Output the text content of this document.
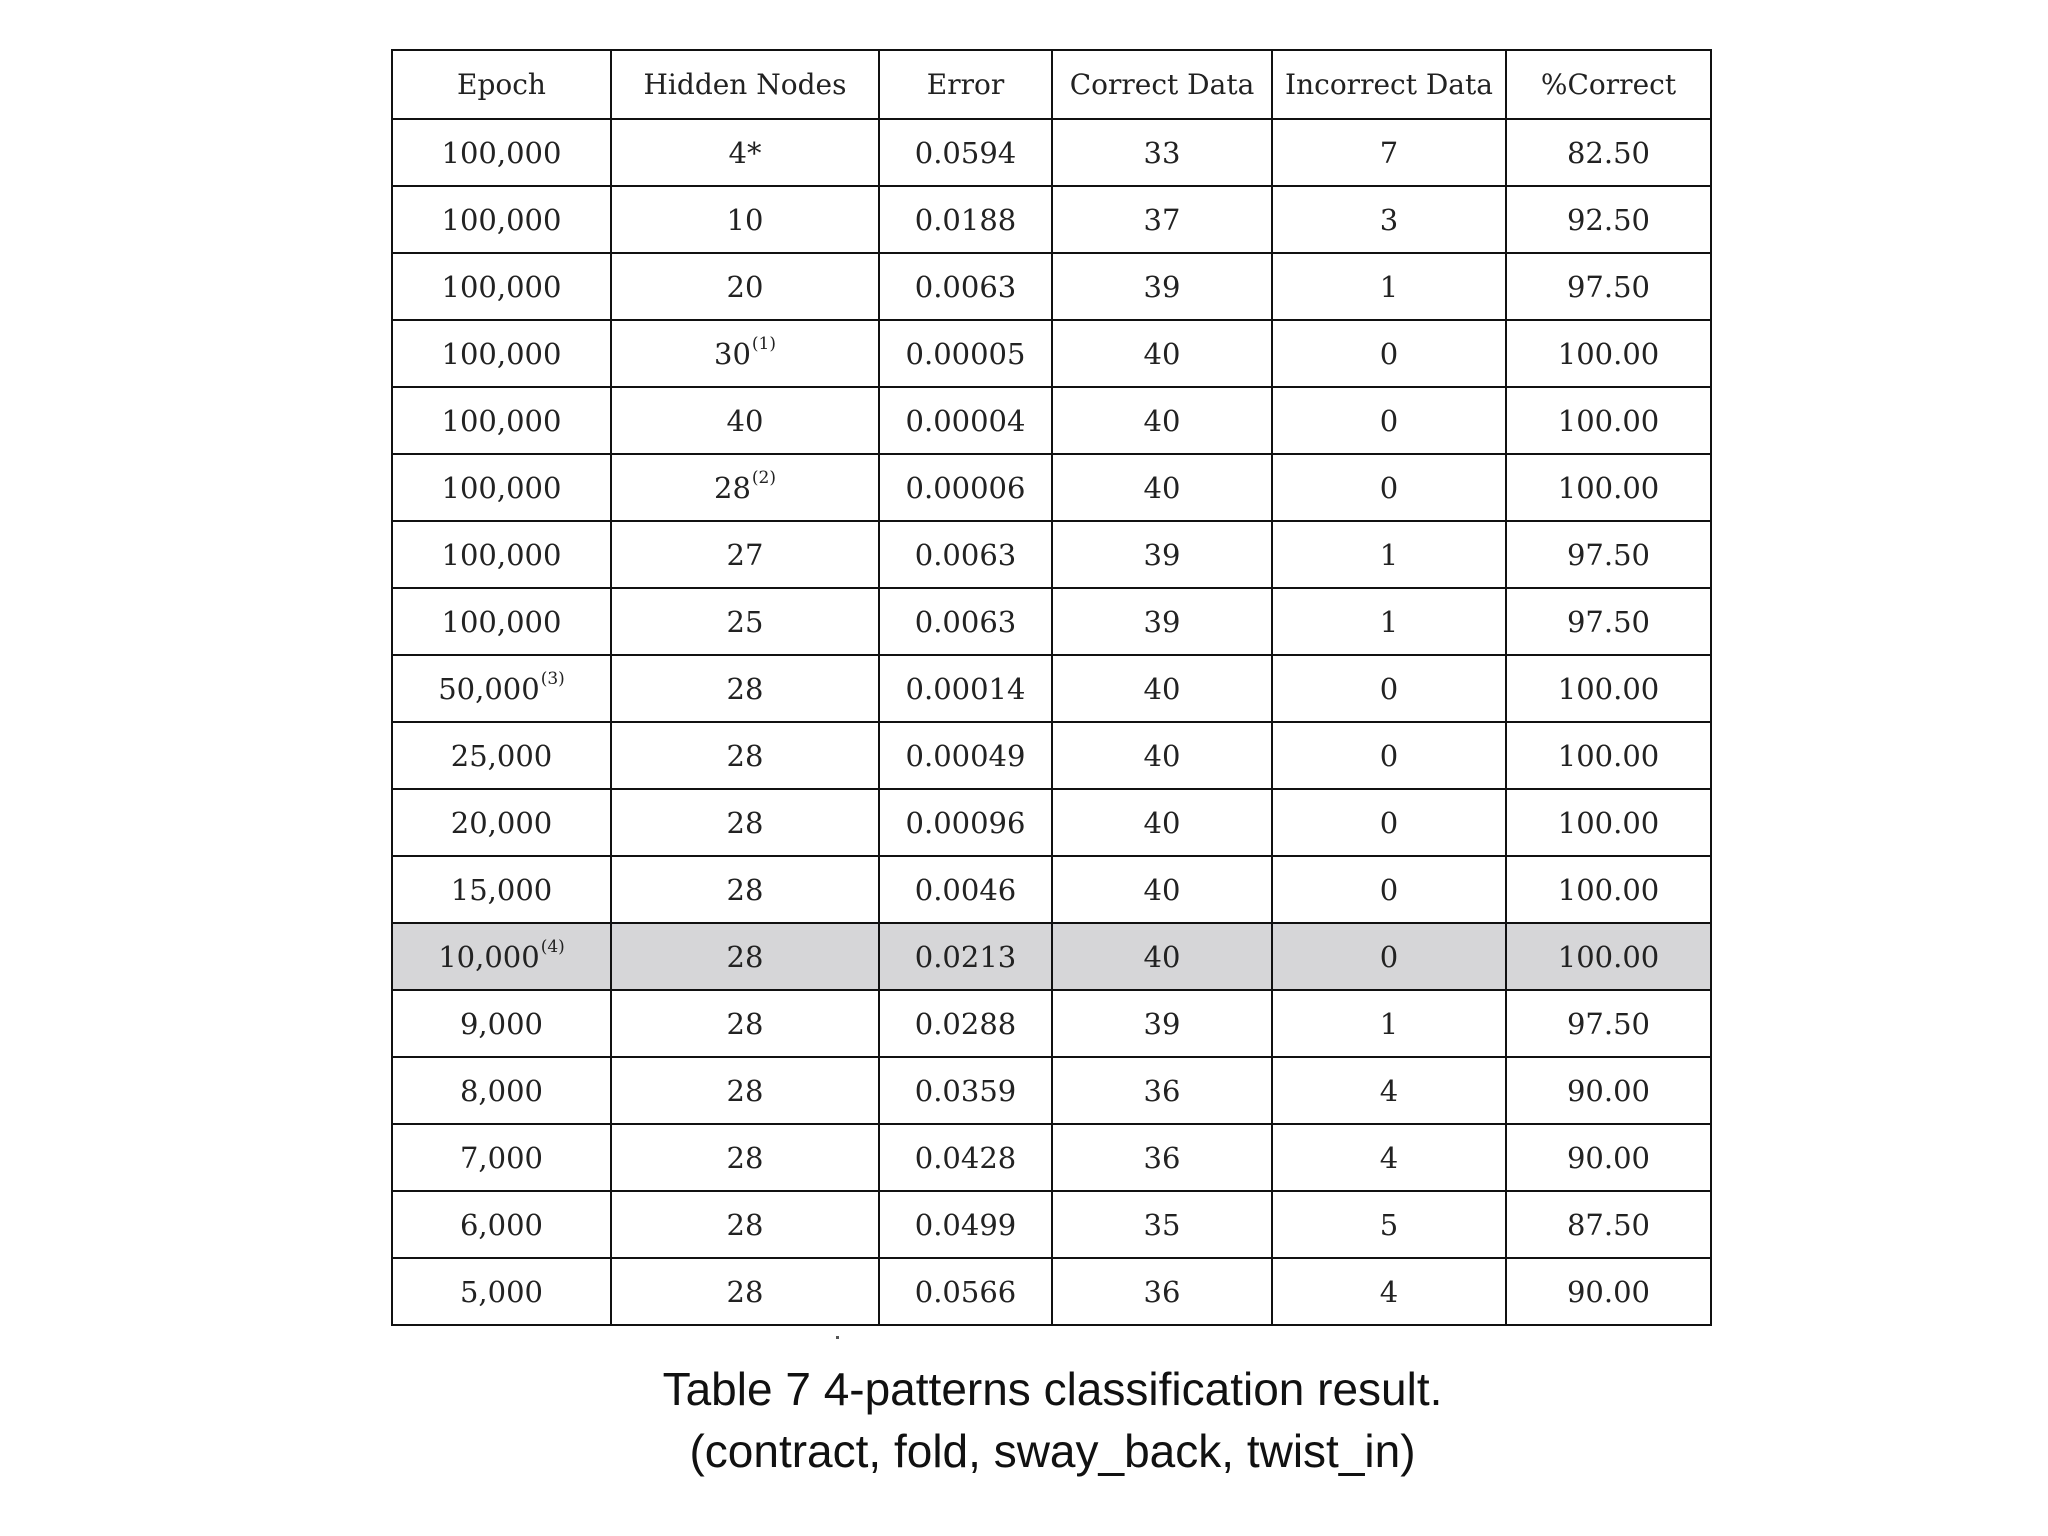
Epoch	Hidden Nodes	Error	Correct Data	Incorrect Data	%Correct
100,000	4*	0.0594	33	7	82.50
100,000	10	0.0188	37	3	92.50
100,000	20	0.0063	39	1	97.50
100,000	30$^{(1)}$	0.00005	40	0	100.00
100,000	40	0.00004	40	0	100.00
100,000	28$^{(2)}$	0.00006	40	0	100.00
100,000	27	0.0063	39	1	97.50
100,000	25	0.0063	39	1	97.50
50,000$^{(3)}$	28	0.00014	40	0	100.00
25,000	28	0.00049	40	0	100.00
20,000	28	0.00096	40	0	100.00
15,000	28	0.0046	40	0	100.00
10,000$^{(4)}$	28	0.0213	40	0	100.00
9,000	28	0.0288	39	1	97.50
8,000	28	0.0359	36	4	90.00
7,000	28	0.0428	36	4	90.00
6,000	28	0.0499	35	5	87.50
5,000	28	0.0566	36	4	90.00
Table 7 4-patterns classification result.
(contract, fold, sway_back, twist_in)
